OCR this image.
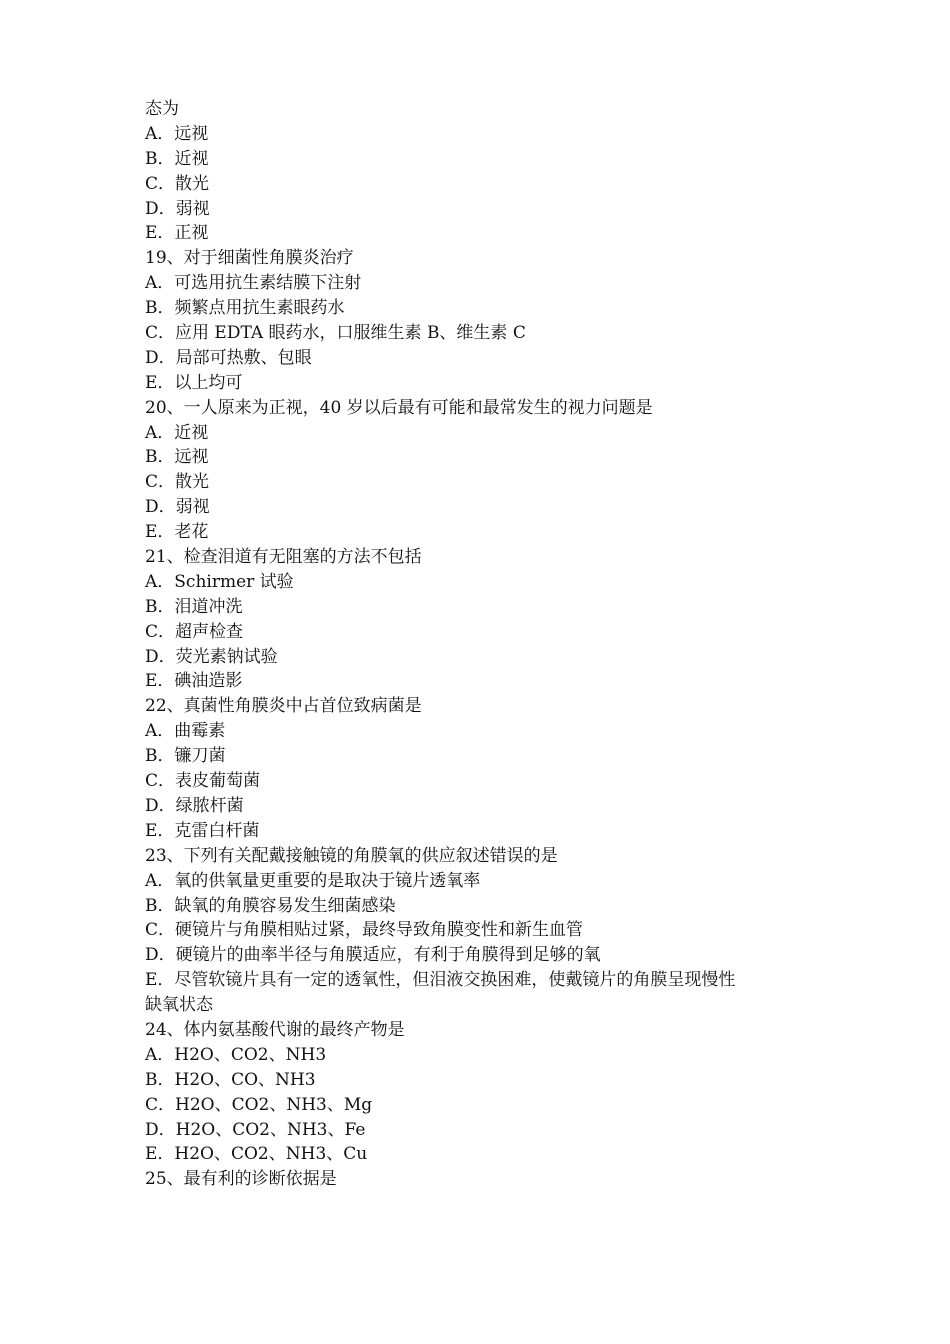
态为
A．远视
B．近视
C．散光
D．弱视
E．正视
19、对于细菌性角膜炎治疗
A．可选用抗生素结膜下注射
B．频繁点用抗生素眼药水
C．应用 EDTA 眼药水，口服维生素 B、维生素 C
D．局部可热敷、包眼
E．以上均可
20、一人原来为正视，40 岁以后最有可能和最常发生的视力问题是
A．近视
B．远视
C．散光
D．弱视
E．老花
21、检查泪道有无阻塞的方法不包括
A．Schirmer 试验
B．泪道冲洗
C．超声检查
D．荧光素钠试验
E．碘油造影
22、真菌性角膜炎中占首位致病菌是
A．曲霉素
B．镰刀菌
C．表皮葡萄菌
D．绿脓杆菌
E．克雷白杆菌
23、下列有关配戴接触镜的角膜氧的供应叙述错误的是
A．氧的供氧量更重要的是取决于镜片透氧率
B．缺氧的角膜容易发生细菌感染
C．硬镜片与角膜相贴过紧，最终导致角膜变性和新生血管
D．硬镜片的曲率半径与角膜适应，有利于角膜得到足够的氧
E．尽管软镜片具有一定的透氧性，但泪液交换困难，使戴镜片的角膜呈现慢性
缺氧状态
24、体内氨基酸代谢的最终产物是
A．H2O、CO2、NH3
B．H2O、CO、NH3
C．H2O、CO2、NH3、Mg
D．H2O、CO2、NH3、Fe
E．H2O、CO2、NH3、Cu
25、最有利的诊断依据是
